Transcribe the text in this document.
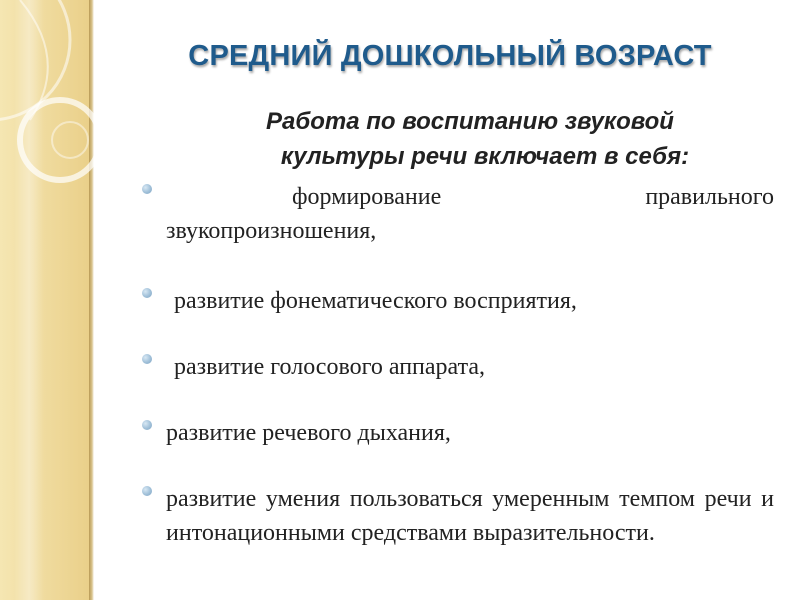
СРЕДНИЙ ДОШКОЛЬНЫЙ ВОЗРАСТ
Работа по воспитанию звуковой
культуры речи включает в себя:
формирование	правильного
звукопроизношения,
развитие фонематического восприятия,
развитие голосового аппарата,
развитие речевого дыхания,
развитие умения пользоваться умеренным темпом речи и интонационными средствами выразительности.
